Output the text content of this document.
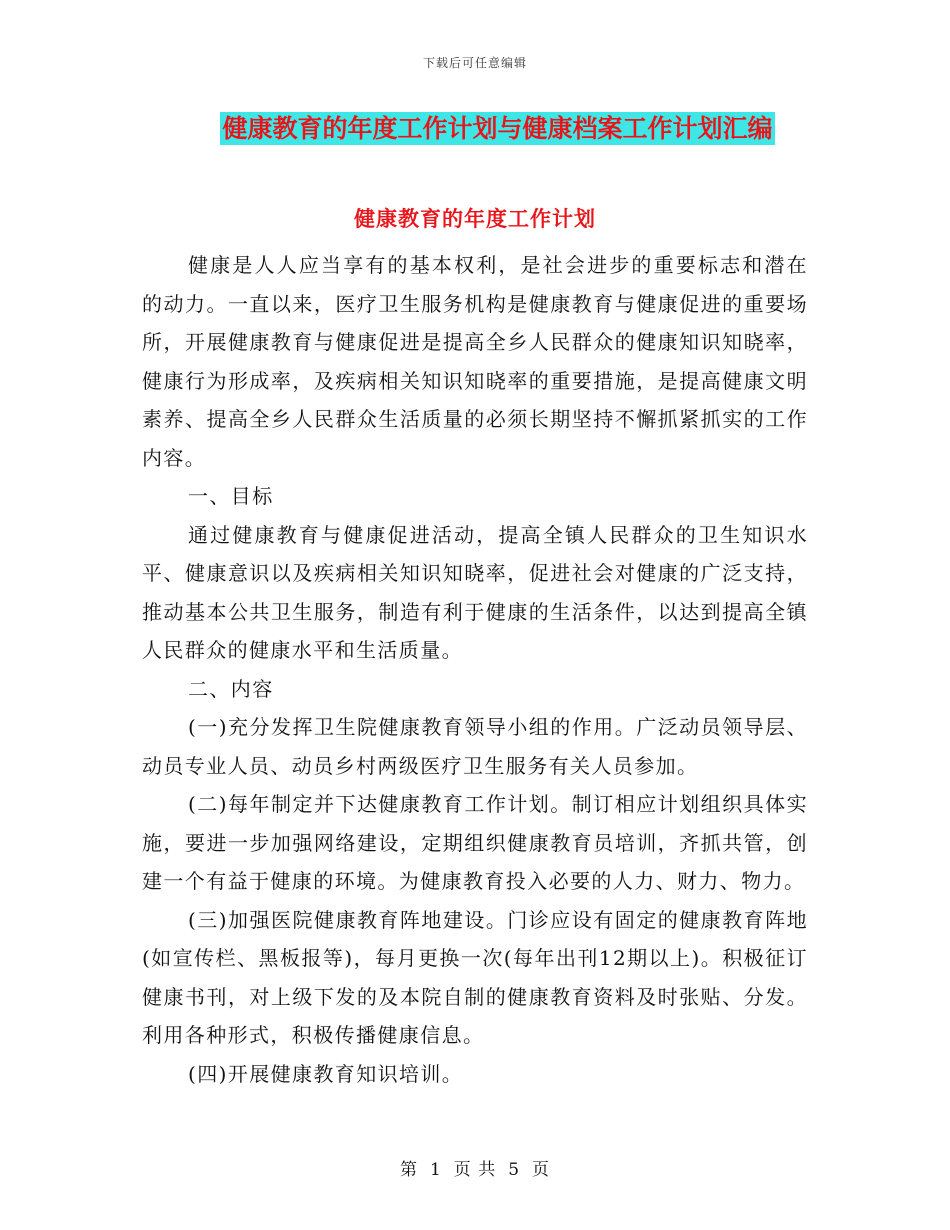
下载后可任意编辑
健康教育的年度工作计划与健康档案工作计划汇编
健康教育的年度工作计划

健康是人人应当享有的基本权利，是社会进步的重要标志和潜在的动力。一直以来，医疗卫生服务机构是健康教育与健康促进的重要场所，开展健康教育与健康促进是提高全乡人民群众的健康知识知晓率，健康行为形成率，及疾病相关知识知晓率的重要措施，是提高健康文明素养、提高全乡人民群众生活质量的必须长期坚持不懈抓紧抓实的工作内容。

一、目标

通过健康教育与健康促进活动，提高全镇人民群众的卫生知识水平、健康意识以及疾病相关知识知晓率，促进社会对健康的广泛支持，推动基本公共卫生服务，制造有利于健康的生活条件，以达到提高全镇人民群众的健康水平和生活质量。

二、内容

(一)充分发挥卫生院健康教育领导小组的作用。广泛动员领导层、动员专业人员、动员乡村两级医疗卫生服务有关人员参加。

(二)每年制定并下达健康教育工作计划。制订相应计划组织具体实施，要进一步加强网络建设，定期组织健康教育员培训，齐抓共管，创建一个有益于健康的环境。为健康教育投入必要的人力、财力、物力。

(三)加强医院健康教育阵地建设。门诊应设有固定的健康教育阵地(如宣传栏、黑板报等)，每月更换一次(每年出刊12期以上)。积极征订健康书刊，对上级下发的及本院自制的健康教育资料及时张贴、分发。利用各种形式，积极传播健康信息。

(四)开展健康教育知识培训。

第 1 页 共 5 页
